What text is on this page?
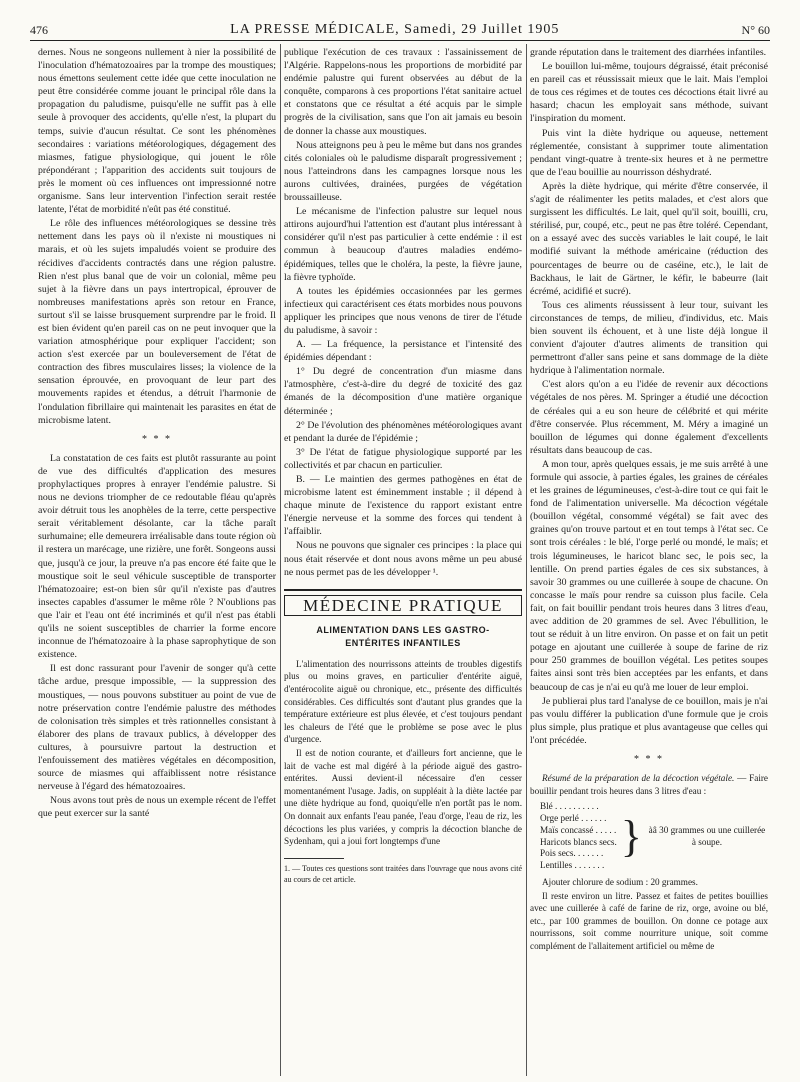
476	LA PRESSE MÉDICALE, Samedi, 29 Juillet 1905	N° 60

dernes. Nous ne songeons nullement à nier la possibilité de l'inoculation d'hématozoaires par la trompe des moustiques; nous émettons seulement cette idée que cette inoculation ne peut être considérée comme jouant le principal rôle dans la propagation du paludisme, puisqu'elle ne suffit pas à elle seule à provoquer des accidents, qu'elle n'est, la plupart du temps, suivie d'aucun résultat. Ce sont les phénomènes secondaires : variations météorologiques, dégagement des miasmes, fatigue physiologique, qui jouent le rôle prépondérant ; l'apparition des accidents suit toujours de près le moment où ces influences ont impressionné notre organisme. Sans leur intervention l'infection serait restée latente, l'état de morbidité n'eût pas été constitué.

Le rôle des influences météorologiques se dessine très nettement dans les pays où il n'existe ni moustiques ni marais, et où les sujets impaludés voient se produire des récidives d'accidents contractés dans une région palustre. Rien n'est plus banal que de voir un colonial, même peu sujet à la fièvre dans un pays intertropical, éprouver de nombreuses manifestations après son retour en France, surtout s'il se laisse brusquement surprendre par le froid. Il est bien évident qu'en pareil cas on ne peut invoquer que la variation atmosphérique pour expliquer l'accident; son action s'est exercée par un bouleversement de l'état de contraction des fibres musculaires lisses; la violence de la sensation éprouvée, en provoquant de leur part des mouvements rapides et étendus, a détruit l'harmonie de l'ondulation fibrillaire qui maintenait les parasites en état de microbisme latent.

* * *

La constatation de ces faits est plutôt rassurante au point de vue des difficultés d'application des mesures prophylactiques propres à enrayer l'endémie palustre. Si nous ne devions triompher de ce redoutable fléau qu'après avoir détruit tous les anophèles de la terre, cette perspective serait véritablement désolante, car la tâche paraît surhumaine; elle demeurera irréalisable dans toute région où il restera un marécage, une rizière, une forêt. Songeons aussi que, jusqu'à ce jour, la preuve n'a pas encore été faite que le moustique soit le seul véhicule susceptible de transporter l'hématozoaire; est-on bien sûr qu'il n'existe pas d'autres insectes capables d'assumer le même rôle ? N'oublions pas que l'air et l'eau ont été incriminés et qu'il n'est pas établi qu'ils ne soient susceptibles de charrier la forme encore inconnue de l'hématozoaire à la phase saprophytique de son existence.

Il est donc rassurant pour l'avenir de songer qu'à cette tâche ardue, presque impossible, — la suppression des moustiques, — nous pouvons substituer au point de vue de notre préservation contre l'endémie palustre des méthodes de colonisation très simples et très rationnelles consistant à élaborer des plans de travaux publics, à développer des cultures, à poursuivre partout la destruction et l'enfouissement des matières végétales en décomposition, source de miasmes qui affaiblissent notre résistance nerveuse à l'égard des hématozoaires.

Nous avons tout près de nous un exemple récent de l'effet que peut exercer sur la santé

publique l'exécution de ces travaux : l'assainissement de l'Algérie. Rappelons-nous les proportions de morbidité par endémie palustre qui furent observées au début de la conquête, comparons à ces proportions l'état sanitaire actuel et constatons que ce résultat a été acquis par le simple progrès de la civilisation, sans que l'on ait jamais eu besoin de donner la chasse aux moustiques.

Nous atteignons peu à peu le même but dans nos grandes cités coloniales où le paludisme disparaît progressivement ; nous l'atteindrons dans les campagnes lorsque nous les aurons cultivées, drainées, purgées de végétation broussailleuse.

Le mécanisme de l'infection palustre sur lequel nous attirons aujourd'hui l'attention est d'autant plus intéressant à considérer qu'il n'est pas particulier à cette endémie : il est commun à beaucoup d'autres maladies endémo-épidémiques, telles que le choléra, la peste, la fièvre jaune, la fièvre typhoïde.

A toutes les épidémies occasionnées par les germes infectieux qui caractérisent ces états morbides nous pouvons appliquer les principes que nous venons de tirer de l'étude du paludisme, à savoir :

A. — La fréquence, la persistance et l'intensité des épidémies dépendant :

1° Du degré de concentration d'un miasme dans l'atmosphère, c'est-à-dire du degré de toxicité des gaz émanés de la décomposition d'une matière organique déterminée ;

2° De l'évolution des phénomènes météorologiques avant et pendant la durée de l'épidémie ;

3° De l'état de fatigue physiologique supporté par les collectivités et par chacun en particulier.

B. — Le maintien des germes pathogènes en état de microbisme latent est éminemment instable ; il dépend à chaque minute de l'existence du rapport existant entre l'énergie nerveuse et la somme des forces qui tendent à l'affaiblir.

Nous ne pouvons que signaler ces principes : la place qui nous était réservée et dont nous avons même un peu abusé ne nous permet pas de les développer ¹.

MÉDECINE PRATIQUE
ALIMENTATION DANS LES GASTRO-ENTÉRITES INFANTILES

L'alimentation des nourrissons atteints de troubles digestifs plus ou moins graves, en particulier d'entérite aiguë, d'entérocolite aiguë ou chronique, etc., présente des difficultés considérables. Ces difficultés sont d'autant plus grandes que la température extérieure est plus élevée, et c'est toujours pendant les chaleurs de l'été que le problème se pose avec le plus d'urgence.

Il est de notion courante, et d'ailleurs fort ancienne, que le lait de vache est mal digéré à la période aiguë des gastro-entérites. Aussi devient-il nécessaire d'en cesser momentanément l'usage. Jadis, on suppléait à la diète lactée par une diète hydrique au fond, quoiqu'elle n'en portât pas le nom. On donnait aux enfants l'eau panée, l'eau d'orge, l'eau de riz, les décoctions les plus variées, y compris la décoction blanche de Sydenham, qui a joui fort longtemps d'une

1. — Toutes ces questions sont traitées dans l'ouvrage que nous avons cité au cours de cet article.

grande réputation dans le traitement des diarrhées infantiles.

Le bouillon lui-même, toujours dégraissé, était préconisé en pareil cas et réussissait mieux que le lait. Mais l'emploi de tous ces régimes et de toutes ces décoctions était livré au hasard; chacun les employait sans méthode, suivant l'inspiration du moment.

Puis vint la diète hydrique ou aqueuse, nettement réglementée, consistant à supprimer toute alimentation pendant vingt-quatre à trente-six heures et à ne permettre que de l'eau bouillie au nourrisson déshydraté.

Après la diète hydrique, qui mérite d'être conservée, il s'agit de réalimenter les petits malades, et c'est alors que surgissent les difficultés. Le lait, quel qu'il soit, bouilli, cru, stérilisé, pur, coupé, etc., peut ne pas être toléré. Cependant, on a essayé avec des succès variables le lait coupé, le lait modifié suivant la méthode américaine (réduction des pourcentages de beurre ou de caséine, etc.), le lait de Backhaus, le lait de Gärtner, le kéfir, le babeurre (lait écrémé, acidifié et sucré).

Tous ces aliments réussissent à leur tour, suivant les circonstances de temps, de milieu, d'individus, etc. Mais bien souvent ils échouent, et à une liste déjà longue il convient d'ajouter d'autres aliments de transition qui permettront d'aller sans peine et sans dommage de la diète hydrique à l'alimentation normale.

C'est alors qu'on a eu l'idée de revenir aux décoctions végétales de nos pères. M. Springer a étudié une décoction de céréales qui a eu son heure de célébrité et qui mérite d'être conservée. Plus récemment, M. Méry a imaginé un bouillon de légumes qui donne également d'excellents résultats dans beaucoup de cas.

A mon tour, après quelques essais, je me suis arrêté à une formule qui associe, à parties égales, les graines de céréales et les graines de légumineuses, c'est-à-dire tout ce qui fait le fond de l'alimentation universelle. Ma décoction végétale (bouillon végétal, consommé végétal) se fait avec des graines qu'on trouve partout et en tout temps à l'état sec. Ce sont trois céréales : le blé, l'orge perlé ou mondé, le maïs; et trois légumineuses, le haricot blanc sec, le pois sec, la lentille. On prend parties égales de ces six substances, à savoir 30 grammes ou une cuillerée à soupe de chacune. On concasse le maïs pour rendre sa cuisson plus facile. Cela fait, on fait bouillir pendant trois heures dans 3 litres d'eau, avec addition de 20 grammes de sel. Avec l'ébullition, le tout se réduit à un litre environ. On passe et on fait un petit potage en ajoutant une cuillerée à soupe de farine de riz pour 250 grammes de bouillon végétal. Les petites soupes faites ainsi sont très bien acceptées par les enfants, et dans beaucoup de cas je n'ai eu qu'à me louer de leur emploi.

Je publierai plus tard l'analyse de ce bouillon, mais je n'ai pas voulu différer la publication d'une formule que je crois plus simple, plus pratique et plus avantageuse que celles qui l'ont précédée.

* * *

Résumé de la préparation de la décoction végétale. — Faire bouillir pendant trois heures dans 3 litres d'eau :

Blé . . . . . . . . . .
Orge perlé . . . . . .
Maïs concassé . . . . .
Haricots blancs secs.
Pois secs. . . . . . .
Lentilles . . . . . . .
} àâ 30 grammes ou une cuillerée à soupe.

Ajouter chlorure de sodium : 20 grammes.

Il reste environ un litre. Passez et faites de petites bouillies avec une cuillerée à café de farine de riz, orge, avoine ou blé, etc., par 100 grammes de bouillon. On donne ce potage aux nourrissons, soit comme nourriture unique, soit comme complément de l'allaitement artificiel ou même de
